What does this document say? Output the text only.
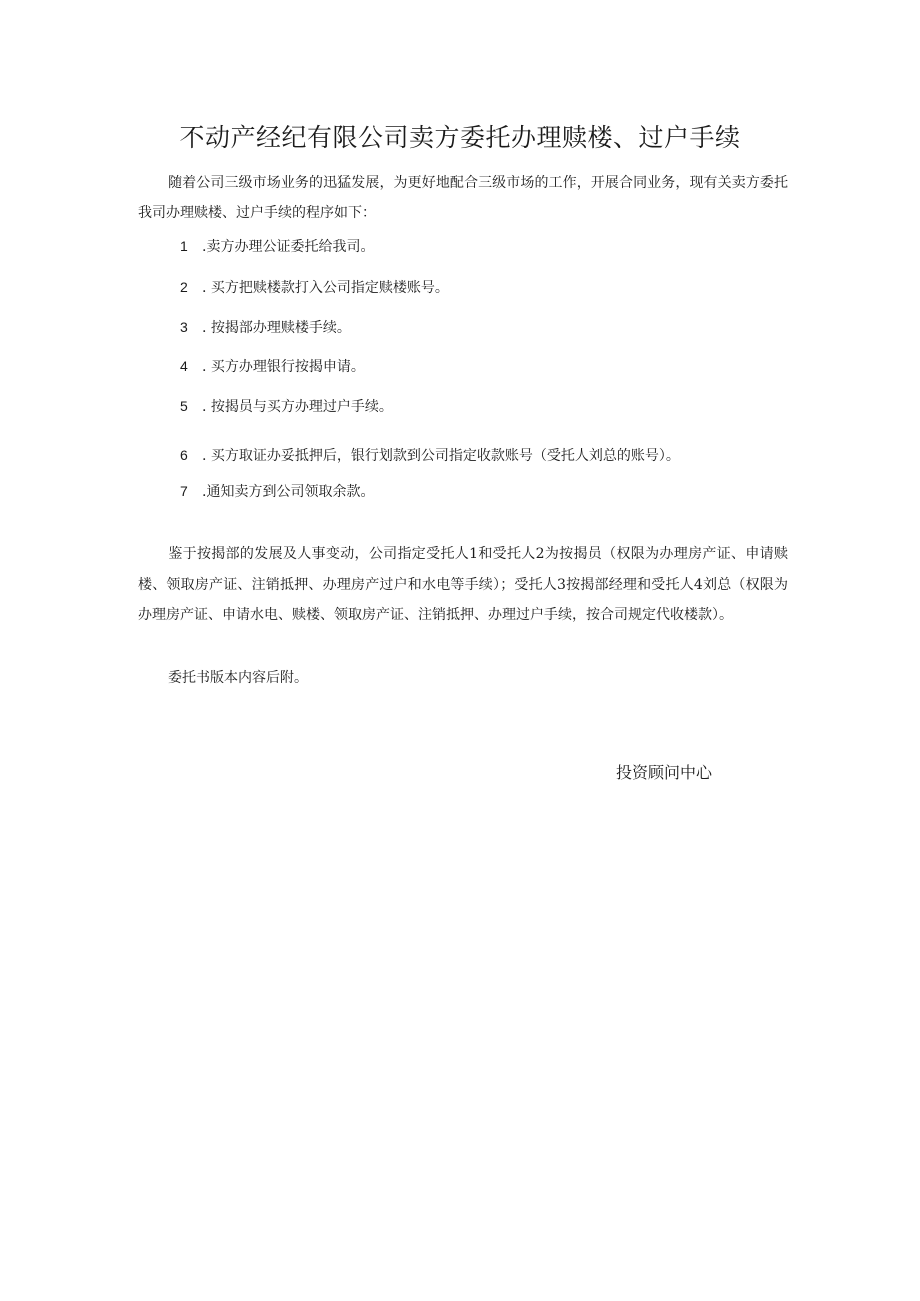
不动产经纪有限公司卖方委托办理赎楼、过户手续

随着公司三级市场业务的迅猛发展，为更好地配合三级市场的工作，开展合同业务，现有关卖方委托我司办理赎楼、过户手续的程序如下：

1 .卖方办理公证委托给我司。
2 . 买方把赎楼款打入公司指定赎楼账号。
3 . 按揭部办理赎楼手续。
4 . 买方办理银行按揭申请。
5 . 按揭员与买方办理过户手续。
6 . 买方取证办妥抵押后，银行划款到公司指定收款账号（受托人刘总的账号）。
7 .通知卖方到公司领取余款。

鉴于按揭部的发展及人事变动，公司指定受托人1和受托人2为按揭员（权限为办理房产证、申请赎楼、领取房产证、注销抵押、办理房产过户和水电等手续）；受托人3按揭部经理和受托人4刘总（权限为办理房产证、申请水电、赎楼、领取房产证、注销抵押、办理过户手续，按合司规定代收楼款）。

委托书版本内容后附。

投资顾问中心
